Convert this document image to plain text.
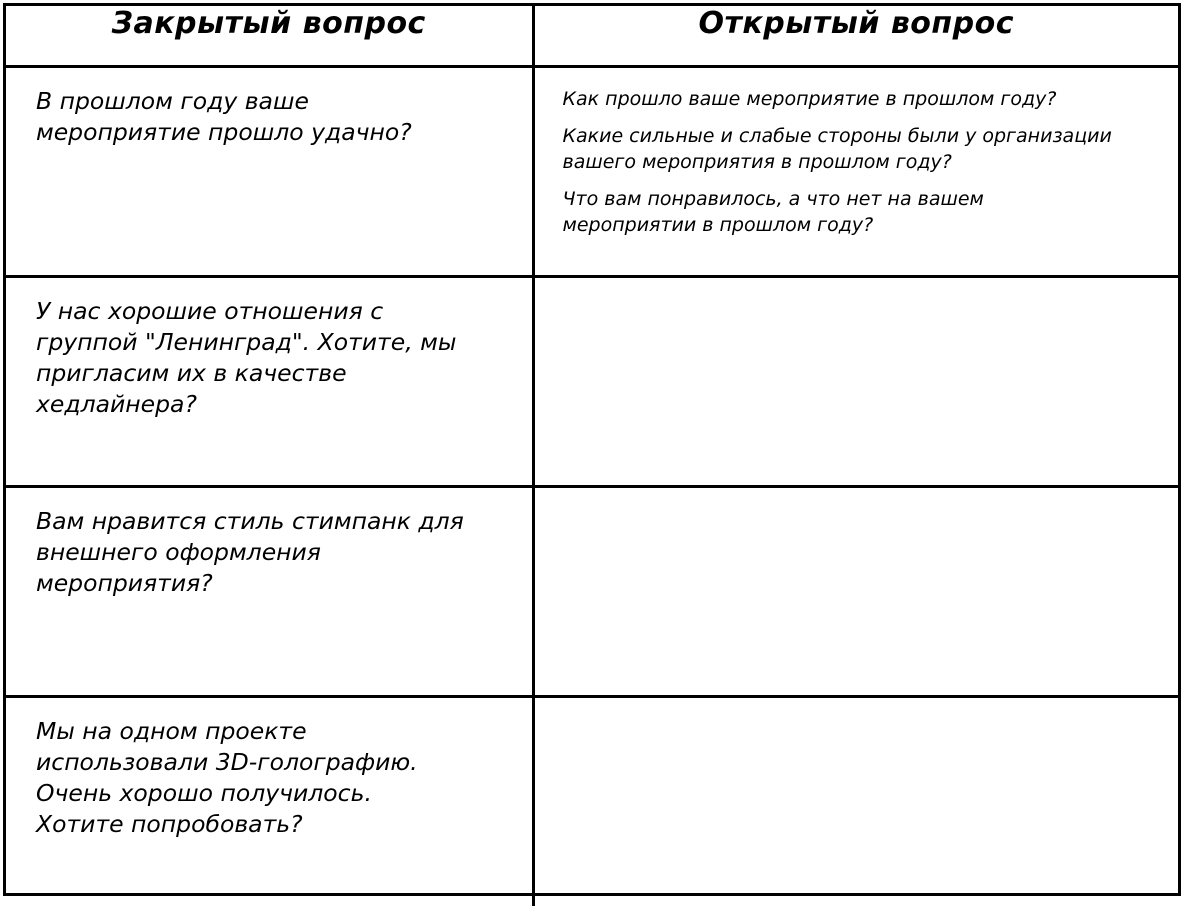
Закрытый вопрос	Открытый вопрос

В прошлом году ваше мероприятие прошло удачно?	Как прошло ваше мероприятие в прошлом году?
Какие сильные и слабые стороны были у организации вашего мероприятия в прошлом году?
Что вам понравилось, а что нет на вашем мероприятии в прошлом году?

У нас хорошие отношения с группой "Ленинград". Хотите, мы пригласим их в качестве хедлайнера?	

Вам нравится стиль стимпанк для внешнего оформления мероприятия?	

Мы на одном проекте использовали 3D-голографию. Очень хорошо получилось. Хотите попробовать?	
